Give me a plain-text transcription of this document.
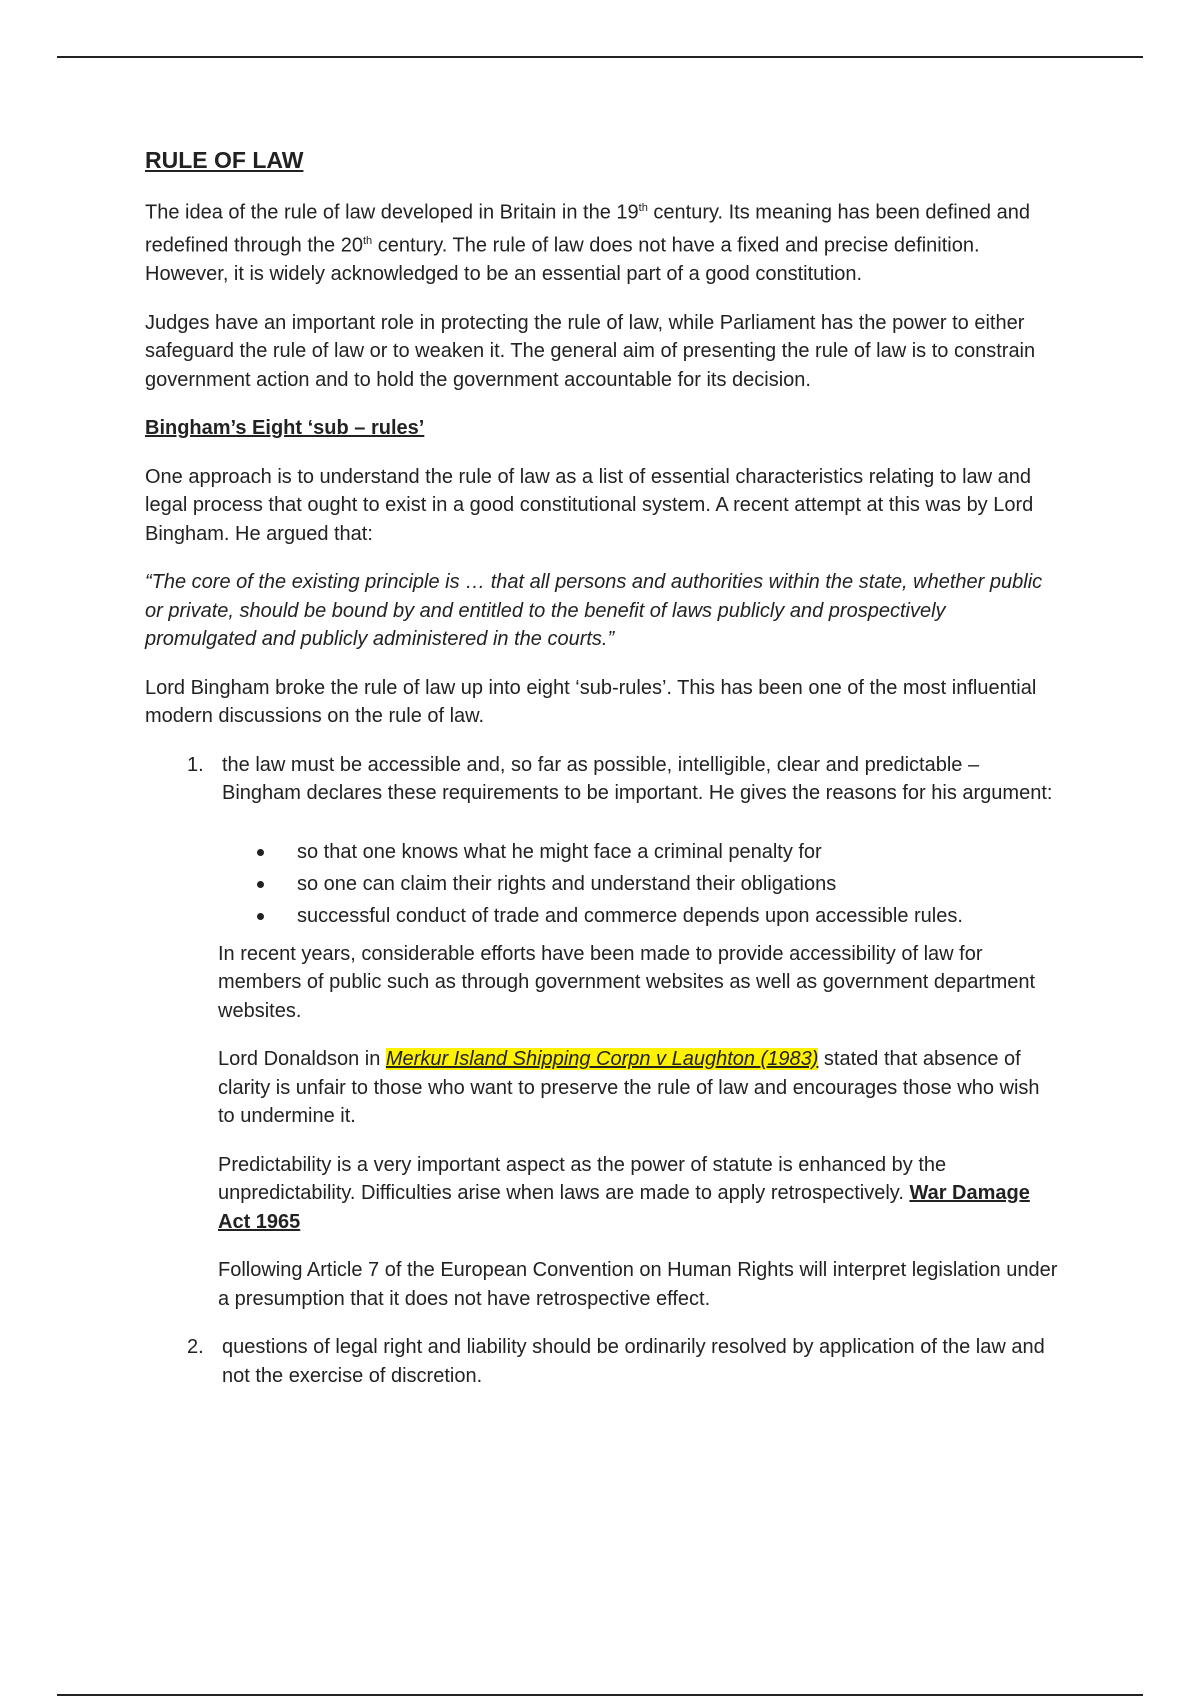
RULE OF LAW

The idea of the rule of law developed in Britain in the 19th century. Its meaning has been defined and redefined through the 20th century. The rule of law does not have a fixed and precise definition. However, it is widely acknowledged to be an essential part of a good constitution.

Judges have an important role in protecting the rule of law, while Parliament has the power to either safeguard the rule of law or to weaken it. The general aim of presenting the rule of law is to constrain government action and to hold the government accountable for its decision.

Bingham’s Eight ‘sub – rules’

One approach is to understand the rule of law as a list of essential characteristics relating to law and legal process that ought to exist in a good constitutional system. A recent attempt at this was by Lord Bingham. He argued that:

“The core of the existing principle is … that all persons and authorities within the state, whether public or private, should be bound by and entitled to the benefit of laws publicly and prospectively promulgated and publicly administered in the courts.”

Lord Bingham broke the rule of law up into eight ‘sub-rules’. This has been one of the most influential modern discussions on the rule of law.

1. the law must be accessible and, so far as possible, intelligible, clear and predictable – Bingham declares these requirements to be important. He gives the reasons for his argument:
so that one knows what he might face a criminal penalty for
so one can claim their rights and understand their obligations
successful conduct of trade and commerce depends upon accessible rules.

In recent years, considerable efforts have been made to provide accessibility of law for members of public such as through government websites as well as government department websites.

Lord Donaldson in Merkur Island Shipping Corpn v Laughton (1983) stated that absence of clarity is unfair to those who want to preserve the rule of law and encourages those who wish to undermine it.

Predictability is a very important aspect as the power of statute is enhanced by the unpredictability. Difficulties arise when laws are made to apply retrospectively. War Damage Act 1965

Following Article 7 of the European Convention on Human Rights will interpret legislation under a presumption that it does not have retrospective effect.

2. questions of legal right and liability should be ordinarily resolved by application of the law and not the exercise of discretion.
